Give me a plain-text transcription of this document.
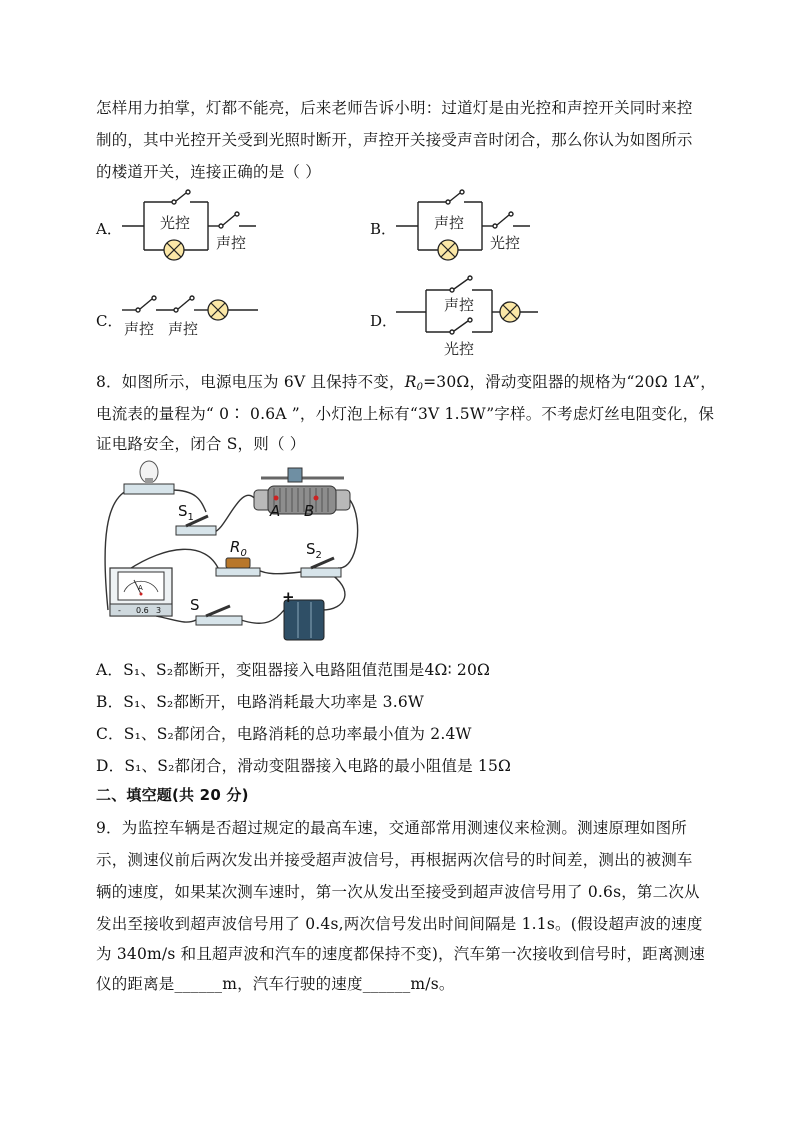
怎样用力拍掌，灯都不能亮，后来老师告诉小明：过道灯是由光控和声控开关同时来控
制的，其中光控开关受到光照时断开，声控开关接受声音时闭合，那么你认为如图所示
的楼道开关，连接正确的是（ ）
A．	光控
声控
B．	声控
光控
C． 声控 声控	D．
声控
光控
8．如图所示，电源电压为 6V 且保持不变，$R_0=30\Omega$，滑动变阻器的规格为“20Ω 1A”，
电流表的量程为“ 0∶ 0.6A ”，小灯泡上标有“3V 1.5W”字样。不考虑灯丝电阻变化，保
证电路安全，闭合 S，则（ ）
$S_1$	A B
$R_0$	$S_2$
A
- 0.6 3 S	+
A．S₁、S₂都断开，变阻器接入电路阻值范围是4Ω∶ 20Ω
B．S₁、S₂都断开，电路消耗最大功率是 3.6W
C．S₁、S₂都闭合，电路消耗的总功率最小值为 2.4W
D．S₁、S₂都闭合，滑动变阻器接入电路的最小阻值是 15Ω
二、填空题(共 20 分)
9．为监控车辆是否超过规定的最高车速，交通部常用测速仪来检测。测速原理如图所
示，测速仪前后两次发出并接受超声波信号，再根据两次信号的时间差，测出的被测车
辆的速度，如果某次测车速时，第一次从发出至接受到超声波信号用了 0.6s，第二次从
发出至接收到超声波信号用了 0.4s,两次信号发出时间间隔是 1.1s。(假设超声波的速度
为 340m/s 和且超声波和汽车的速度都保持不变)，汽车第一次接收到信号时，距离测速
仪的距离是______m，汽车行驶的速度______m/s。
